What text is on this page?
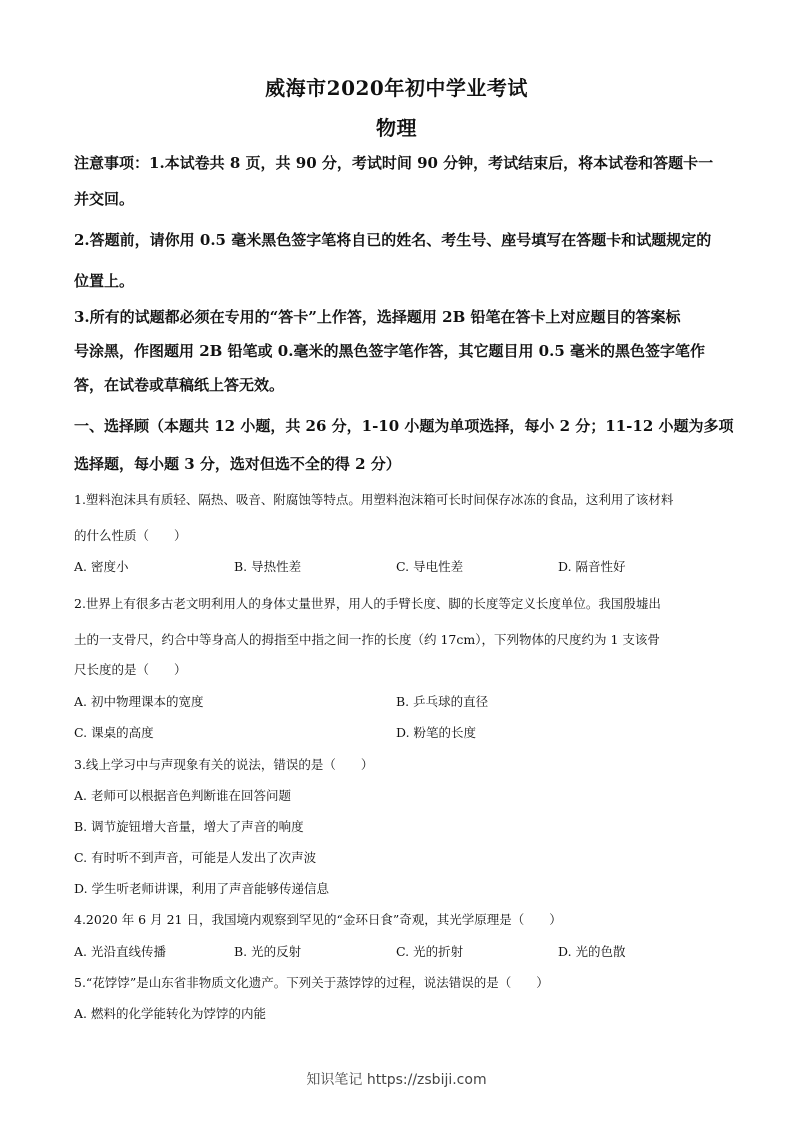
威海市2020年初中学业考试
物理
注意事项：1.本试卷共 8 页，共 90 分，考试时间 90 分钟，考试结束后，将本试卷和答题卡一
并交回。
2.答题前，请你用 0.5 毫米黑色签字笔将自已的姓名、考生号、座号填写在答题卡和试题规定的
位置上。
3.所有的试题都必须在专用的“答卡”上作答，选择题用 2B 铅笔在答卡上对应题目的答案标
号涂黑，作图题用 2B 铅笔或 0.毫米的黑色签字笔作答，其它题目用 0.5 毫米的黑色签字笔作
答，在试卷或草稿纸上答无效。
一、选择顾（本题共 12 小题，共 26 分，1-10 小题为单项选择，每小 2 分；11-12 小题为多项
选择题，每小题 3 分，选对但选不全的得 2 分）
1.塑料泡沫具有质轻、隔热、吸音、附腐蚀等特点。用塑料泡沫箱可长时间保存冰冻的食品，这利用了该材料
的什么性质（　　）
A. 密度小	B. 导热性差	C. 导电性差	D. 隔音性好
2.世界上有很多古老文明利用人的身体丈量世界，用人的手臂长度、脚的长度等定义长度单位。我国殷墟出
土的一支骨尺，约合中等身高人的拇指至中指之间一拃的长度（约 17cm），下列物体的尺度约为 1 支该骨
尺长度的是（　　）
A. 初中物理课本的宽度	B. 乒乓球的直径
C. 课桌的高度	D. 粉笔的长度
3.线上学习中与声现象有关的说法，错误的是（　　）
A. 老师可以根据音色判断谁在回答问题
B. 调节旋钮增大音量，增大了声音的响度
C. 有时听不到声音，可能是人发出了次声波
D. 学生听老师讲课，利用了声音能够传递信息
4.2020 年 6 月 21 日，我国境内观察到罕见的“金环日食”奇观，其光学原理是（　　）
A. 光沿直线传播	B. 光的反射	C. 光的折射	D. 光的色散
5.“花饽饽”是山东省非物质文化遗产。下列关于蒸饽饽的过程，说法错误的是（　　）
A. 燃料的化学能转化为饽饽的内能
知识笔记 https://zsbiji.com
